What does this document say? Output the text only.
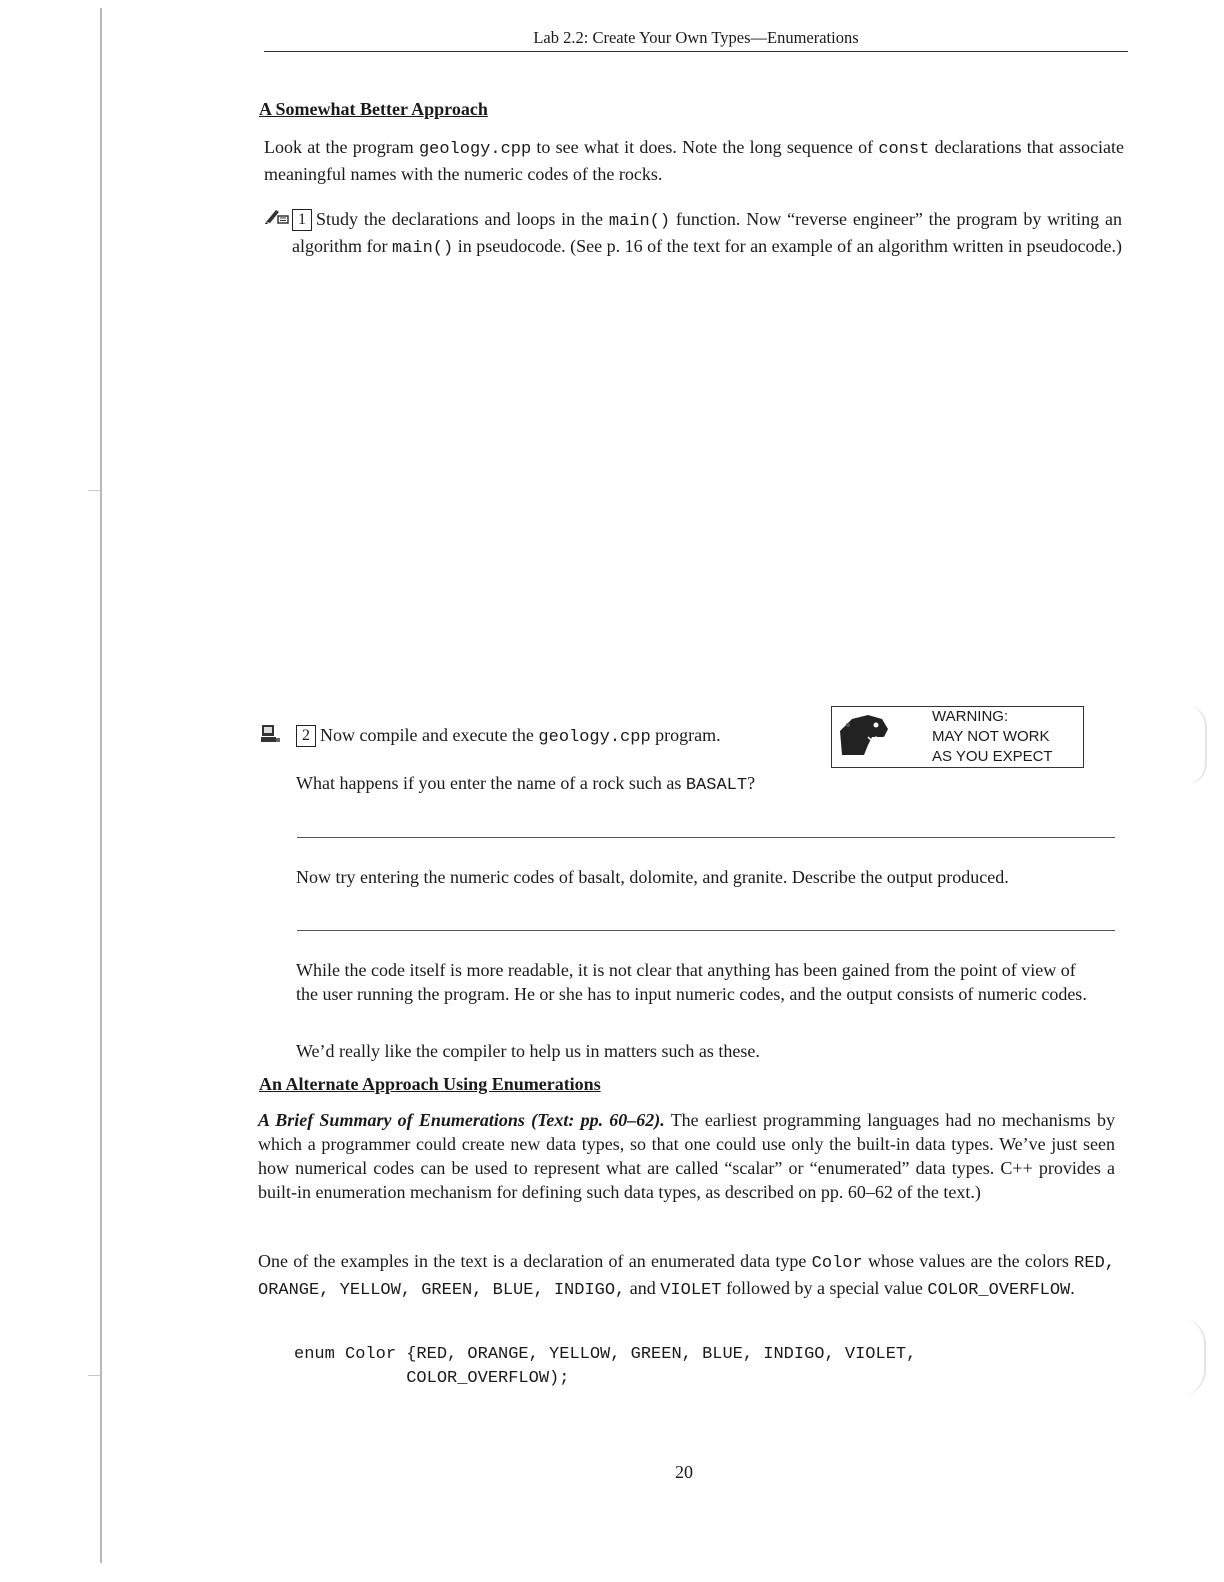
Lab 2.2: Create Your Own Types—Enumerations
A Somewhat Better Approach
Look at the program geology.cpp to see what it does. Note the long sequence of const declarations that associate meaningful names with the numeric codes of the rocks.
1 Study the declarations and loops in the main() function. Now “reverse engineer” the program by writing an algorithm for main() in pseudocode. (See p. 16 of the text for an example of an algorithm written in pseudocode.)
2 Now compile and execute the geology.cpp program.
WARNING:
MAY NOT WORK
AS YOU EXPECT
What happens if you enter the name of a rock such as BASALT?
Now try entering the numeric codes of basalt, dolomite, and granite. Describe the output produced.
While the code itself is more readable, it is not clear that anything has been gained from the point of view of the user running the program. He or she has to input numeric codes, and the output consists of numeric codes.
We’d really like the compiler to help us in matters such as these.
An Alternate Approach Using Enumerations
A Brief Summary of Enumerations (Text: pp. 60–62). The earliest programming languages had no mechanisms by which a programmer could create new data types, so that one could use only the built-in data types. We’ve just seen how numerical codes can be used to represent what are called “scalar” or “enumerated” data types. C++ provides a built-in enumeration mechanism for defining such data types, as described on pp. 60–62 of the text.)
One of the examples in the text is a declaration of an enumerated data type Color whose values are the colors RED, ORANGE, YELLOW, GREEN, BLUE, INDIGO, and VIOLET followed by a special value COLOR_OVERFLOW.
enum Color {RED, ORANGE, YELLOW, GREEN, BLUE, INDIGO, VIOLET,
COLOR_OVERFLOW);
20
